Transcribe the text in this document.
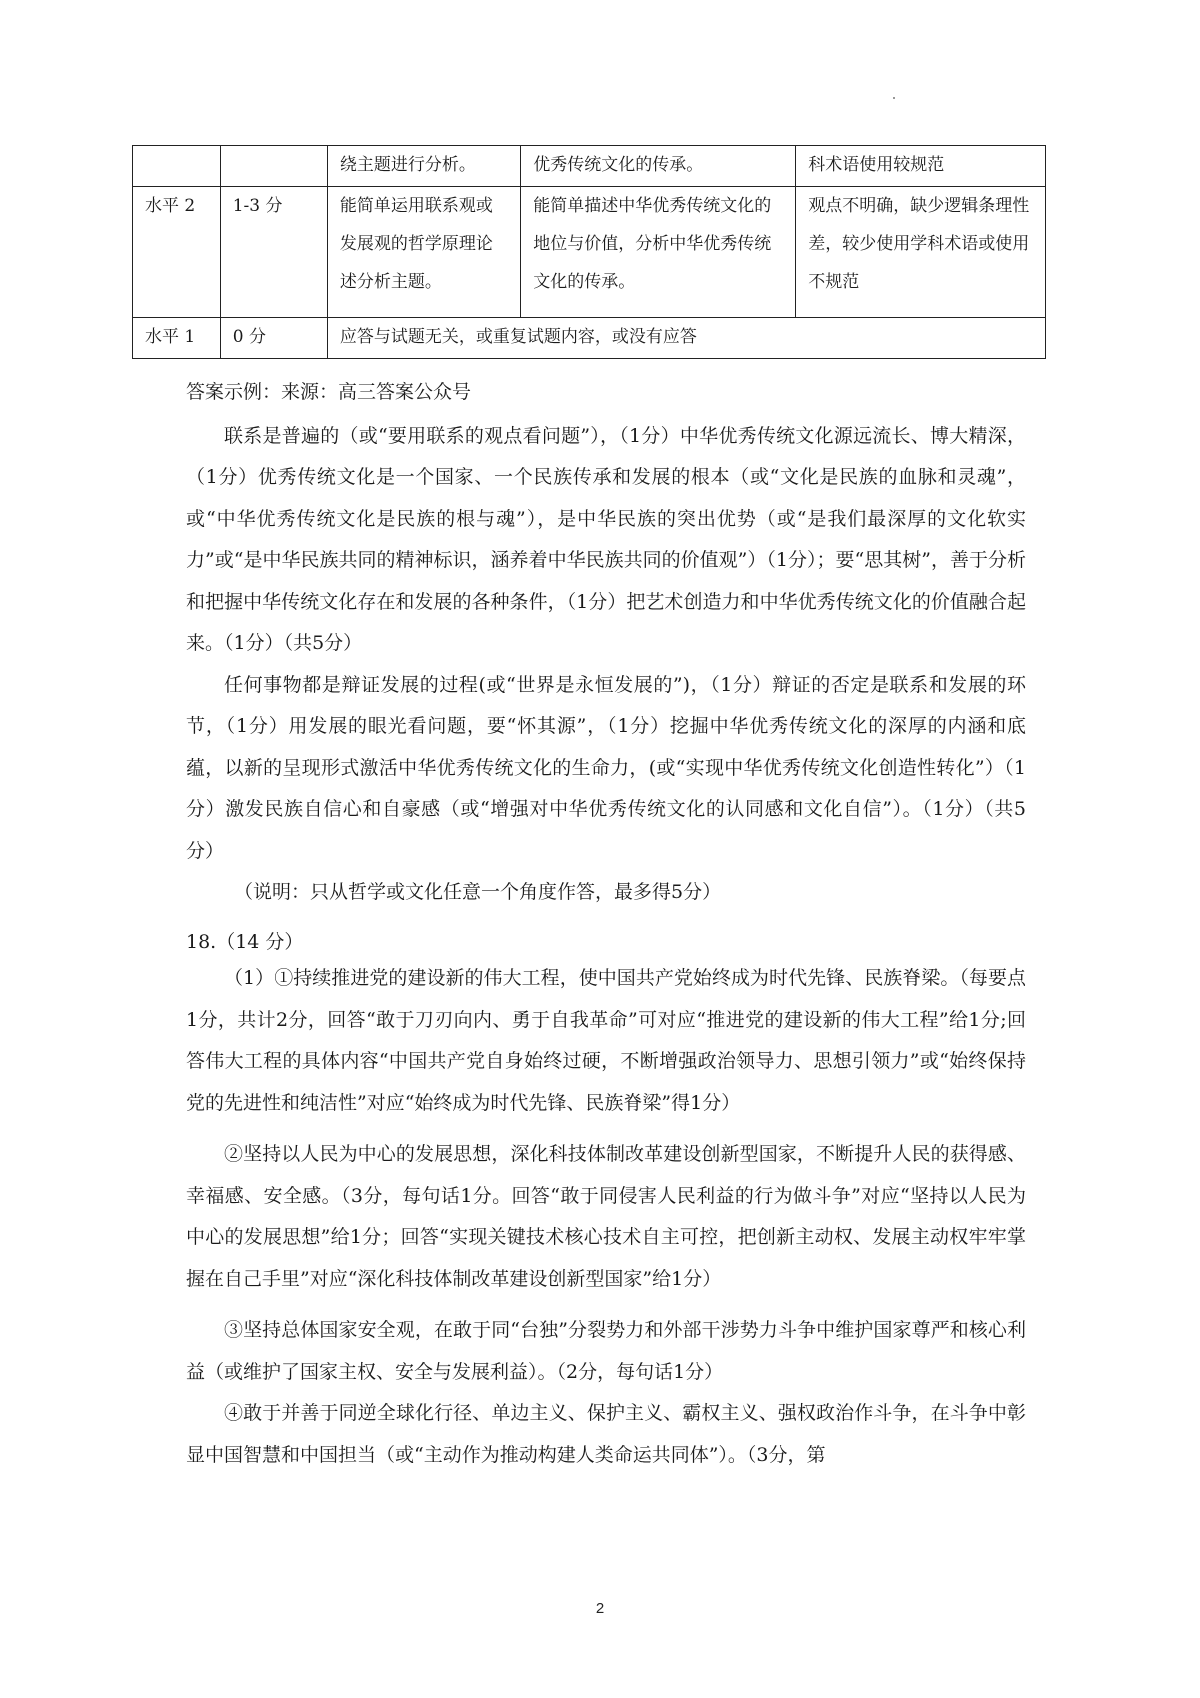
		绕主题进行分析。	优秀传统文化的传承。	科术语使用较规范
水平 2	1-3 分	能简单运用联系观或发展观的哲学原理论述分析主题。	能简单描述中华优秀传统文化的地位与价值，分析中华优秀传统文化的传承。	观点不明确，缺少逻辑条理性差，较少使用学科术语或使用不规范
水平 1	0 分	应答与试题无关，或重复试题内容，或没有应答		

答案示例：来源：高三答案公众号

联系是普遍的（或“要用联系的观点看问题”），（1分）中华优秀传统文化源远流长、博大精深，（1分）优秀传统文化是一个国家、一个民族传承和发展的根本（或“文化是民族的血脉和灵魂”，或“中华优秀传统文化是民族的根与魂”），是中华民族的突出优势（或“是我们最深厚的文化软实力”或“是中华民族共同的精神标识，涵养着中华民族共同的价值观”）（1分）；要“思其树”，善于分析和把握中华传统文化存在和发展的各种条件，（1分）把艺术创造力和中华优秀传统文化的价值融合起来。（1分）（共5分）

任何事物都是辩证发展的过程(或“世界是永恒发展的”)，（1分）辩证的否定是联系和发展的环节，（1分）用发展的眼光看问题，要“怀其源”，（1分）挖掘中华优秀传统文化的深厚的内涵和底蕴，以新的呈现形式激活中华优秀传统文化的生命力，(或“实现中华优秀传统文化创造性转化”）（1分）激发民族自信心和自豪感（或“增强对中华优秀传统文化的认同感和文化自信”）。（1分）（共5分）

（说明：只从哲学或文化任意一个角度作答，最多得5分）

18.（14 分）

（1）①持续推进党的建设新的伟大工程，使中国共产党始终成为时代先锋、民族脊梁。（每要点1分，共计2分，回答“敢于刀刃向内、勇于自我革命”可对应“推进党的建设新的伟大工程”给1分;回答伟大工程的具体内容“中国共产党自身始终过硬，不断增强政治领导力、思想引领力”或“始终保持党的先进性和纯洁性”对应“始终成为时代先锋、民族脊梁”得1分）

②坚持以人民为中心的发展思想，深化科技体制改革建设创新型国家，不断提升人民的获得感、幸福感、安全感。（3分，每句话1分。回答“敢于同侵害人民利益的行为做斗争”对应“坚持以人民为中心的发展思想”给1分；回答“实现关键技术核心技术自主可控，把创新主动权、发展主动权牢牢掌握在自己手里”对应“深化科技体制改革建设创新型国家”给1分）

③坚持总体国家安全观，在敢于同“台独”分裂势力和外部干涉势力斗争中维护国家尊严和核心利益（或维护了国家主权、安全与发展利益）。（2分，每句话1分）

④敢于并善于同逆全球化行径、单边主义、保护主义、霸权主义、强权政治作斗争，在斗争中彰显中国智慧和中国担当（或“主动作为推动构建人类命运共同体”）。（3分，第

2
